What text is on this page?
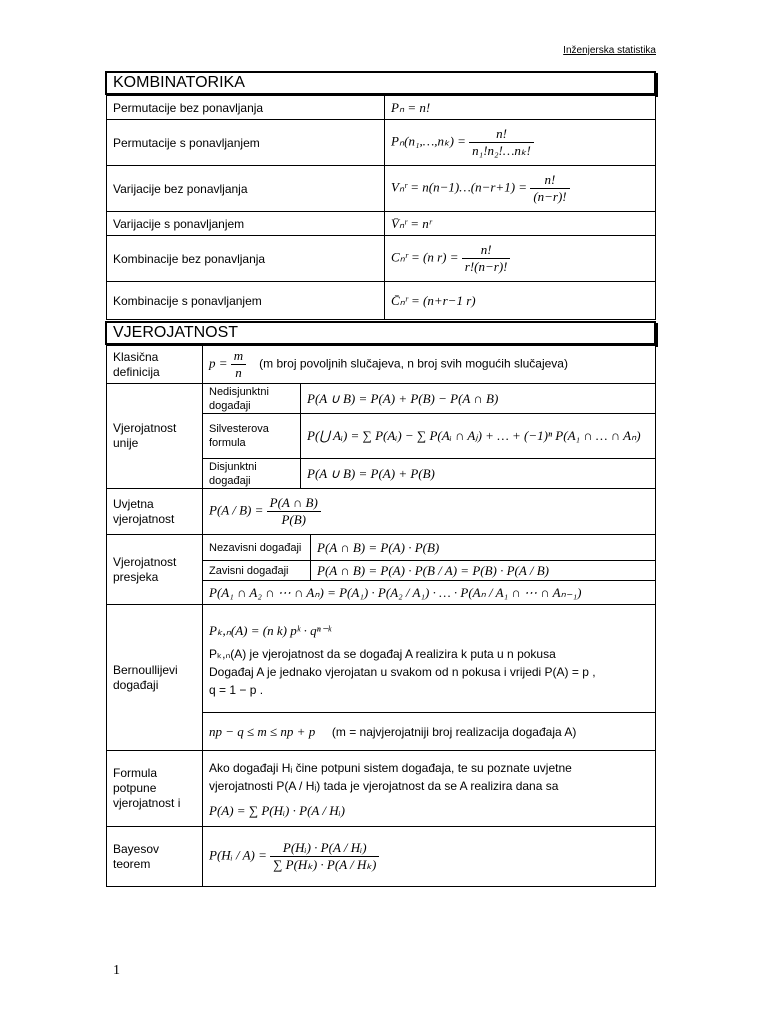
Inženjerska statistika
KOMBINATORIKA
Permutacije bez ponavljanja	Pₙ = n!
Permutacije s ponavljanjem	Pₙ(n₁,…,nₖ) = $\frac{n!}{\text{n₁!n₂!…nₖ!}}$

Varijacije bez ponavljanja	Vₙʳ = n(n−1)…(n−r+1) = $\frac{n!}{(n-r)!}$

Varijacije s ponavljanjem	V̄ₙʳ = nʳ
Kombinacije bez ponavljanja	Cₙʳ = (n $r) = \frac{n!}{r!(n-r)!}$

Kombinacije s ponavljanjem	C̄ₙʳ = (n+r−1 r)
VJEROJATNOST
Klasična definicija	$p = \frac{m}{n} (m$ broj povoljnih slučajeva, n broj svih mogućih slučajeva)		
Vjerojatnost unije	Nedisjunktni događaji	P(A ∪ B) = P(A) + P(B) − P(A ∩ B)	
	Silvesterova formula	P(⋃ Aᵢ) = ∑ P(Aᵢ) − ∑ P(Aᵢ ∩ Aⱼ) + … + (−1)ⁿ P(A₁ ∩ … ∩ Aₙ)	
	Disjunktni događaji	P(A ∪ B) = P(A) + P(B)	
Uvjetna vjerojatnost	$P(A / B) = \frac{P(A \cap B)}{P(B)}$

Vjerojatnost presjeka	Nezavisni događaji		P(A ∩ B) = P(A) · P(B)
	Zavisni događaji		P(A ∩ B) = P(A) · P(B / A) = P(B) · P(A / B)
	P(A₁ ∩ A₂ ∩ ⋯ ∩ Aₙ) = P(A₁) · P(A₂ / A₁) · … · P(Aₙ / A₁ ∩ ⋯ ∩ Aₙ₋₁)		
Bernoullijevi događaji	Pₖ,ₙ(A) = (n k) pᵏ · qⁿ⁻ᵏ
Pₖ,ₙ(A) je vjerojatnost da se događaj A realizira k puta u n pokusa
Događaj A je jednako vjerojatan u svakom od n pokusa i vrijedi P(A) = p ,
q = 1 − p .		

	np − q ≤ m ≤ np + p (m = najvjerojatniji broj realizacija događaja A)		
Formula potpune vjerojatnost i	Ako događaji Hᵢ čine potpuni sistem događaja, te su poznate uvjetne
vjerojatnosti P(A / Hᵢ) tada je vjerojatnost da se A realizira dana sa
P(A) = ∑ P(Hᵢ) · P(A / Hᵢ)		

Bayesov teorem	P(Hᵢ / $A) = \frac{\text{P(Hᵢ) · P(A / Hᵢ)}}{\text{∑ P(Hₖ) · P(A / Hₖ)}}$
1
